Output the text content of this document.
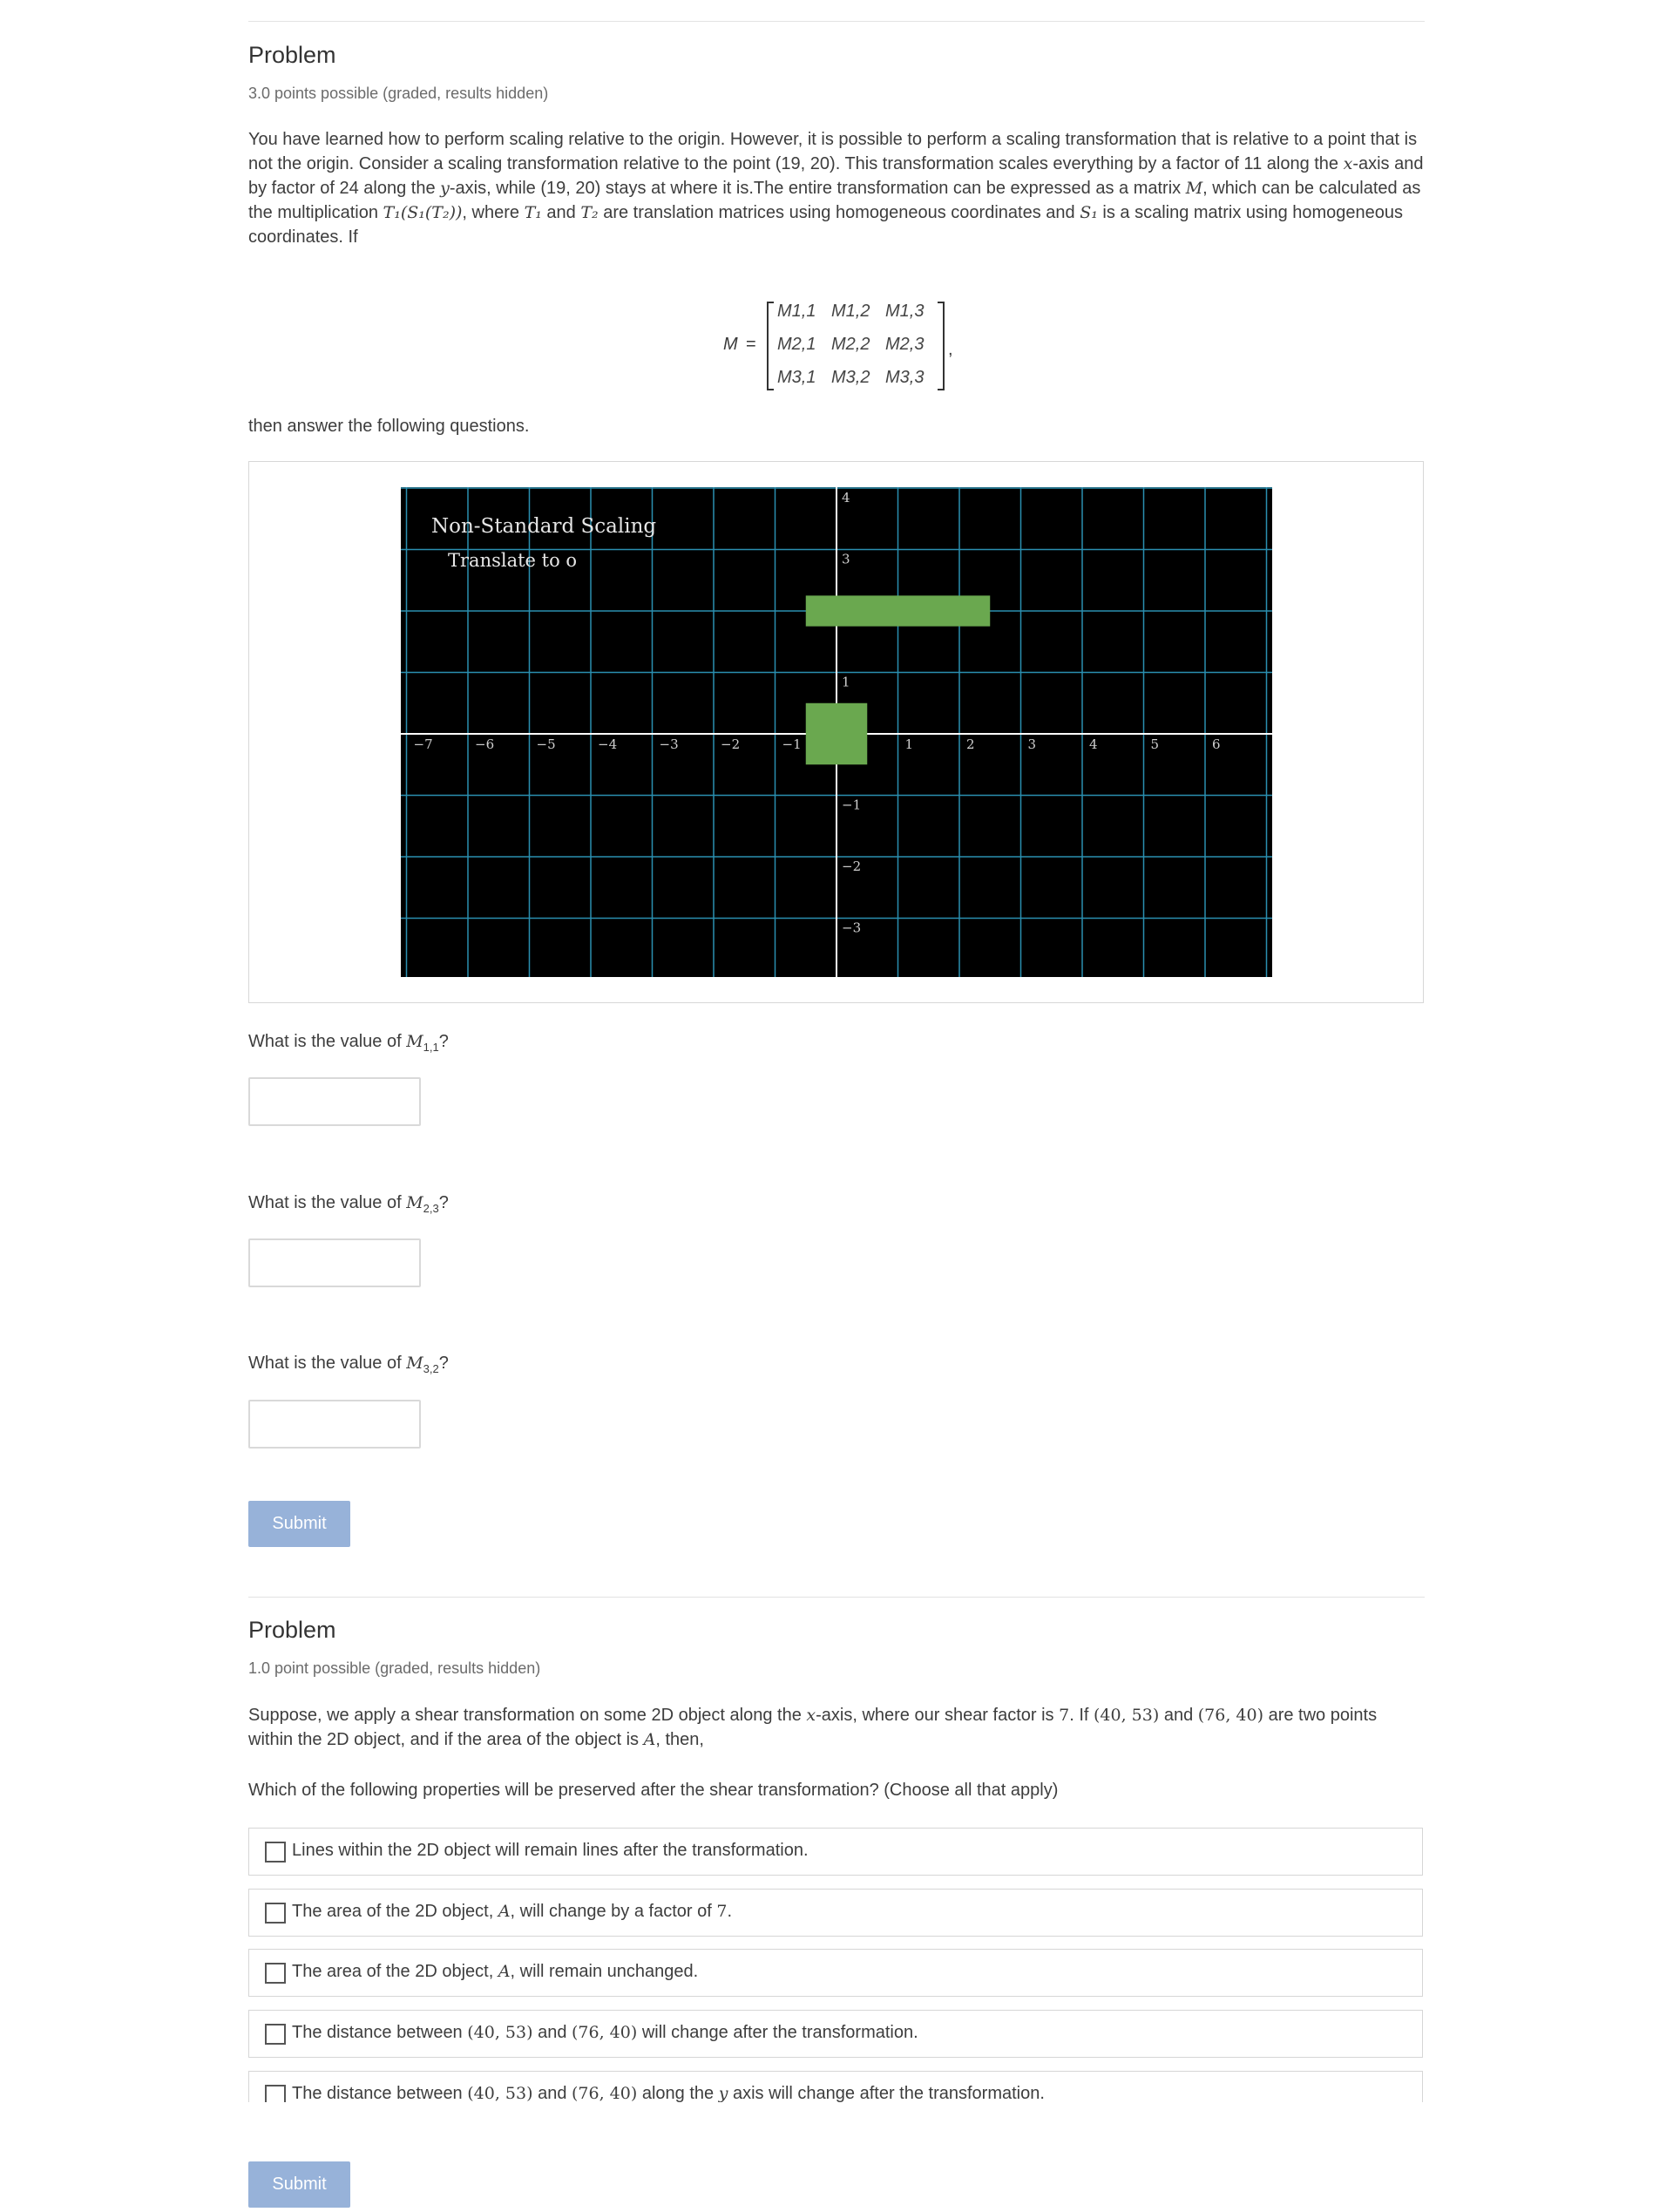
Problem
3.0 points possible (graded, results hidden)
You have learned how to perform scaling relative to the origin. However, it is possible to perform a scaling transformation that is relative to a point that is not the origin. Consider a scaling transformation relative to the point (19, 20). This transformation scales everything by a factor of 11 along the x-axis and by factor of 24 along the y-axis, while (19, 20) stays at where it is.The entire transformation can be expressed as a matrix M, which can be calculated as the multiplication T₁(S₁(T₂)), where T₁ and T₂ are translation matrices using homogeneous coordinates and S₁ is a scaling matrix using homogeneous coordinates. If
M =
M1,1 M1,2 M1,3
M2,1 M2,2 M2,3
M3,1 M3,2 M3,3
,
then answer the following questions.
−7	−6	−5	−4	−3	−2	−1	1	2	3	4	5	6
4
3
1
−1
−2
−3
Non-Standard Scaling
Translate to o
What is the value of $M_{1,1}$?
What is the value of $M_{2,3}$?
What is the value of $M_{3,2}$?
Submit
Problem
1.0 point possible (graded, results hidden)
Suppose, we apply a shear transformation on some 2D object along the x-axis, where our shear factor is 7. If (40, 53) and (76, 40) are two points within the 2D object, and if the area of the object is A, then,
Which of the following properties will be preserved after the shear transformation? (Choose all that apply)
Lines within the 2D object will remain lines after the transformation.
The area of the 2D object, A, will change by a factor of 7.
The area of the 2D object, A, will remain unchanged.
The distance between (40, 53) and (76, 40) will change after the transformation.
Submit
The distance between (40, 53) and (76, 40) along the y axis will change after the transformation.
